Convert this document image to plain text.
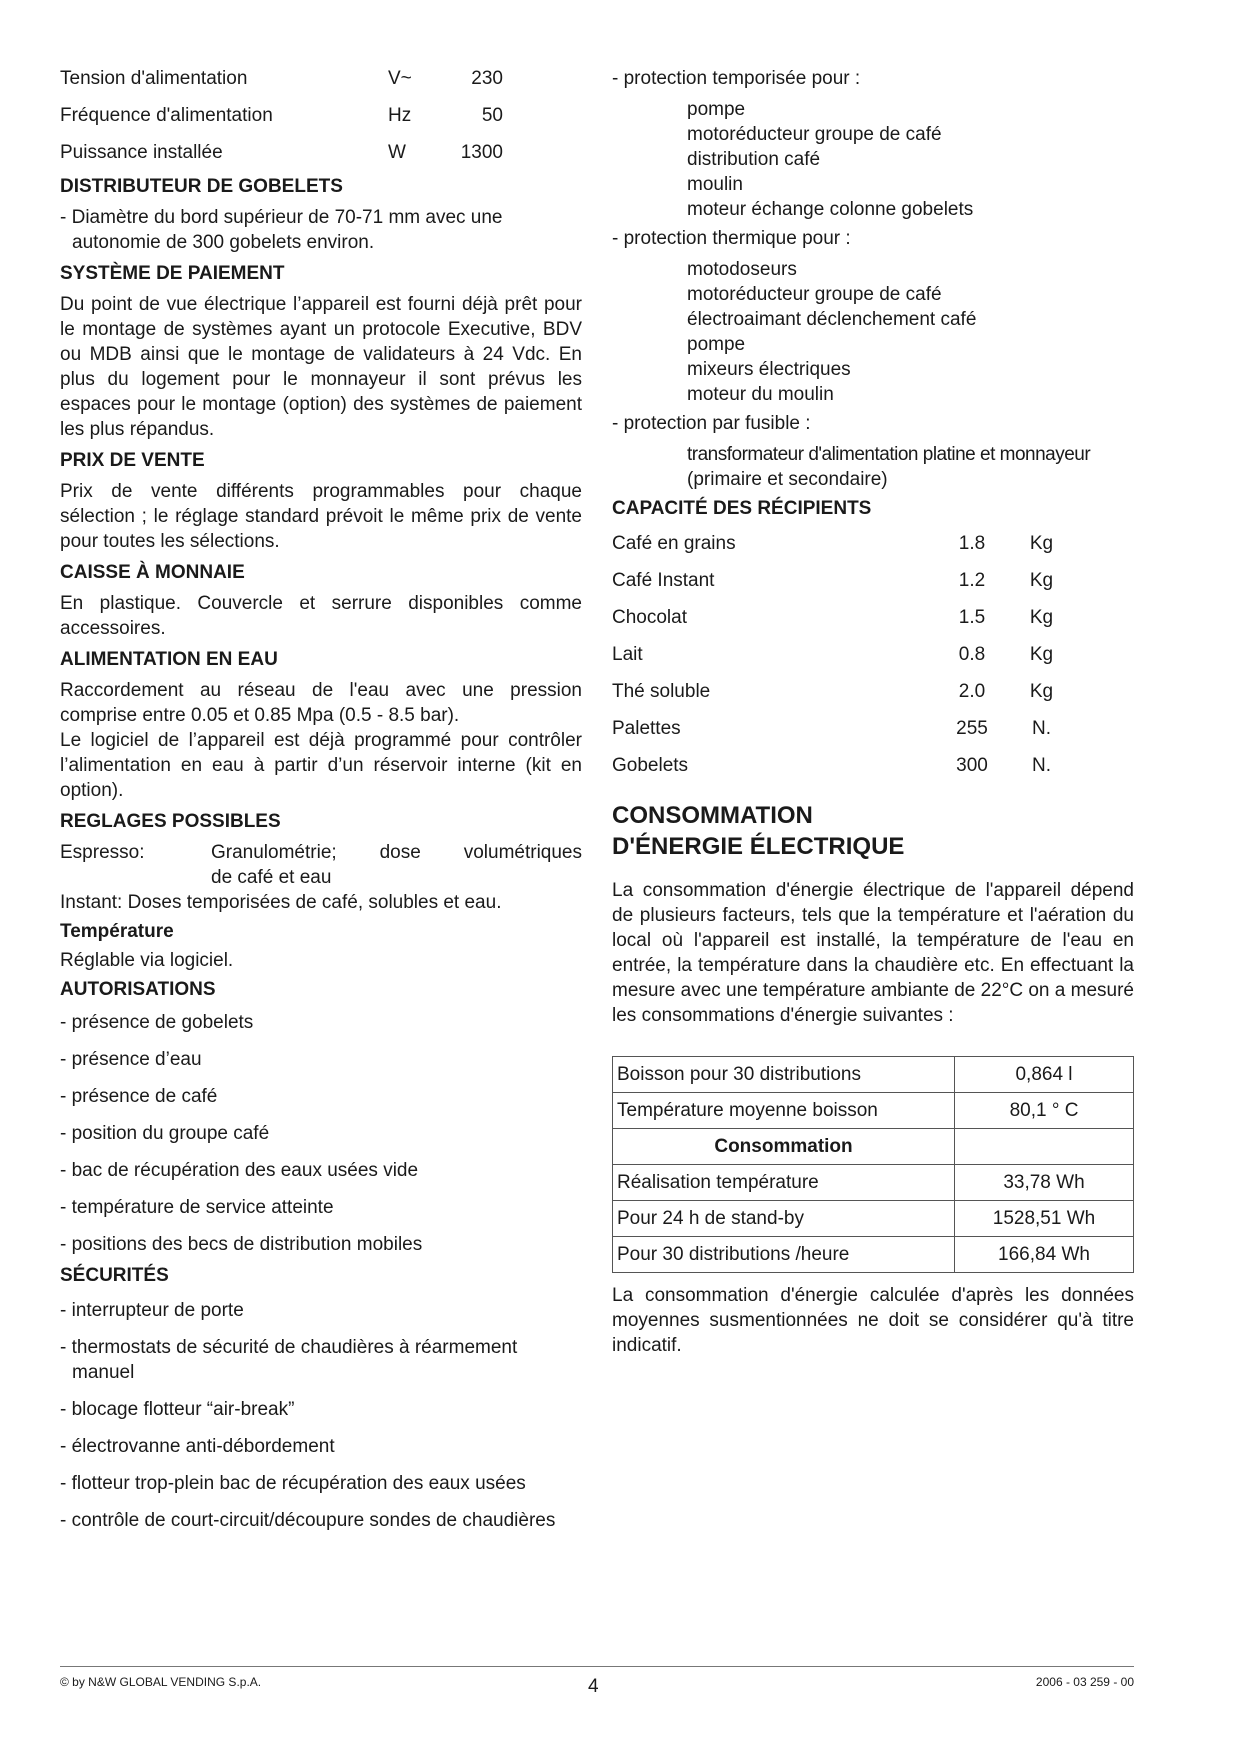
Tension d'alimentation	V~	230
Fréquence d'alimentation	Hz	50
Puissance installée	W	1300

DISTRIBUTEUR DE GOBELETS

- Diamètre du bord supérieur de 70-71 mm avec une autonomie de 300 gobelets environ.

SYSTÈME DE PAIEMENT

Du point de vue électrique l’appareil est fourni déjà prêt pour le montage de systèmes ayant un protocole Executive, BDV ou MDB ainsi que le montage de validateurs à 24 Vdc. En plus du logement pour le monnayeur il sont prévus les espaces pour le montage (option) des systèmes de paiement les plus répandus.

PRIX DE VENTE

Prix de vente différents programmables pour chaque sélection ; le réglage standard prévoit le même prix de vente pour toutes les sélections.

CAISSE À MONNAIE

En plastique. Couvercle et serrure disponibles comme accessoires.

ALIMENTATION EN EAU

Raccordement au réseau de l'eau avec une pression comprise entre 0.05 et 0.85 Mpa (0.5 - 8.5 bar).

Le logiciel de l’appareil est déjà programmé pour contrôler l’alimentation en eau à partir d’un réservoir interne (kit en option).

REGLAGES POSSIBLES

Espresso:	Granulométrie; dose volumétriques

de café et eau

Instant: Doses temporisées de café, solubles et eau.

Température

Réglable via logiciel.

AUTORISATIONS

- présence de gobelets

- présence d’eau

- présence de café

- position du groupe café

- bac de récupération des eaux usées vide

- température de service atteinte

- positions des becs de distribution mobiles

SÉCURITÉS

- interrupteur de porte

- thermostats de sécurité de chaudières à réarmement manuel

- blocage flotteur “air-break”

- électrovanne anti-débordement

- flotteur trop-plein bac de récupération des eaux usées

- contrôle de court-circuit/découpure sondes de chaudières

- protection temporisée pour :

pompe

motoréducteur groupe de café

distribution café

moulin

moteur échange colonne gobelets

- protection thermique pour :

motodoseurs

motoréducteur groupe de café

électroaimant déclenchement café

pompe

mixeurs électriques

moteur du moulin

- protection par fusible :

transformateur d'alimentation platine et monnayeur

(primaire et secondaire)

CAPACITÉ DES RÉCIPIENTS

Café en grains	1.8	Kg
Café Instant	1.2	Kg
Chocolat	1.5	Kg
Lait	0.8	Kg
Thé soluble	2.0	Kg
Palettes	255	N.
Gobelets	300	N.
CONSOMMATION
D'ÉNERGIE ÉLECTRIQUE

La consommation d'énergie électrique de l'appareil dépend de plusieurs facteurs, tels que la température et l'aération du local où l'appareil est installé, la température de l'eau en entrée, la température dans la chaudière etc. En effectuant la mesure avec une température ambiante de 22°C on a mesuré les consommations d'énergie suivantes :

Boisson pour 30 distributions	0,864 l
Température moyenne boisson	80,1 ° C
Consommation	
Réalisation température	33,78 Wh
Pour 24 h de stand-by	1528,51 Wh
Pour 30 distributions /heure	166,84 Wh

La consommation d'énergie calculée d'après les données moyennes susmentionnées ne doit se considérer qu'à titre indicatif.

© by N&W GLOBAL VENDING S.p.A.	4	2006 - 03 259 - 00
